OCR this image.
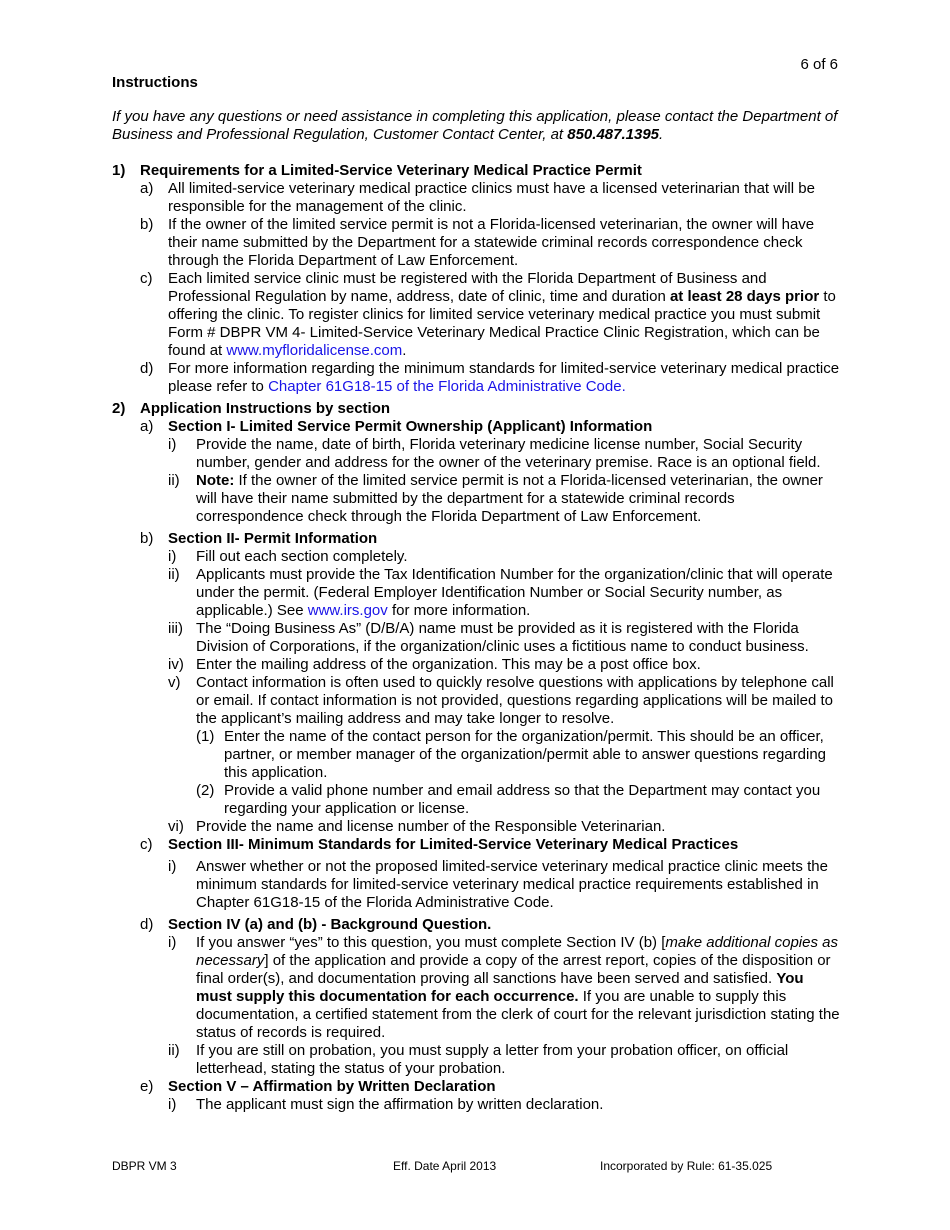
6 of 6
Instructions
If you have any questions or need assistance in completing this application, please contact the Department of Business and Professional Regulation, Customer Contact Center, at 850.487.1395.
1) Requirements for a Limited-Service Veterinary Medical Practice Permit
a) All limited-service veterinary medical practice clinics must have a licensed veterinarian that will be responsible for the management of the clinic.
b) If the owner of the limited service permit is not a Florida-licensed veterinarian, the owner will have their name submitted by the Department for a statewide criminal records correspondence check through the Florida Department of Law Enforcement.
c)	Each limited service clinic must be registered with the Florida Department of Business and Professional Regulation by name, address, date of clinic, time and duration at least 28 days prior to offering the clinic. To register clinics for limited service veterinary medical practice you must submit Form # DBPR VM 4- Limited-Service Veterinary Medical Practice Clinic Registration, which can be found at www.myfloridalicense.com.
d) For more information regarding the minimum standards for limited-service veterinary medical practice please refer to Chapter 61G18-15 of the Florida Administrative Code.
2) Application Instructions by section
a) Section I- Limited Service Permit Ownership (Applicant) Information
i)	Provide the name, date of birth, Florida veterinary medicine license number, Social Security number, gender and address for the owner of the veterinary premise. Race is an optional field.
ii)	Note: If the owner of the limited service permit is not a Florida-licensed veterinarian, the owner will have their name submitted by the department for a statewide criminal records correspondence check through the Florida Department of Law Enforcement.
b) Section II- Permit Information
i)	Fill out each section completely.
ii)	Applicants must provide the Tax Identification Number for the organization/clinic that will operate under the permit. (Federal Employer Identification Number or Social Security number, as applicable.) See www.irs.gov for more information.
iii) The “Doing Business As” (D/B/A) name must be provided as it is registered with the Florida Division of Corporations, if the organization/clinic uses a fictitious name to conduct business.
iv) Enter the mailing address of the organization. This may be a post office box.
v)	Contact information is often used to quickly resolve questions with applications by telephone call or email. If contact information is not provided, questions regarding applications will be mailed to the applicant’s mailing address and may take longer to resolve.
(1) Enter the name of the contact person for the organization/permit. This should be an officer, partner, or member manager of the organization/permit able to answer questions regarding this application.
(2) Provide a valid phone number and email address so that the Department may contact you regarding your application or license.
vi) Provide the name and license number of the Responsible Veterinarian.
c)	Section III- Minimum Standards for Limited-Service Veterinary Medical Practices
i)	Answer whether or not the proposed limited-service veterinary medical practice clinic meets the minimum standards for limited-service veterinary medical practice requirements established in Chapter 61G18-15 of the Florida Administrative Code.
d) Section IV (a) and (b) - Background Question.
i)	If you answer “yes” to this question, you must complete Section IV (b) [make additional copies as necessary] of the application and provide a copy of the arrest report, copies of the disposition or final order(s), and documentation proving all sanctions have been served and satisfied. You must supply this documentation for each occurrence. If you are unable to supply this documentation, a certified statement from the clerk of court for the relevant jurisdiction stating the status of records is required.
ii)	If you are still on probation, you must supply a letter from your probation officer, on official letterhead, stating the status of your probation.
e) Section V – Affirmation by Written Declaration
i)	The applicant must sign the affirmation by written declaration.
DBPR VM 3	Eff. Date April 2013	Incorporated by Rule: 61-35.025
